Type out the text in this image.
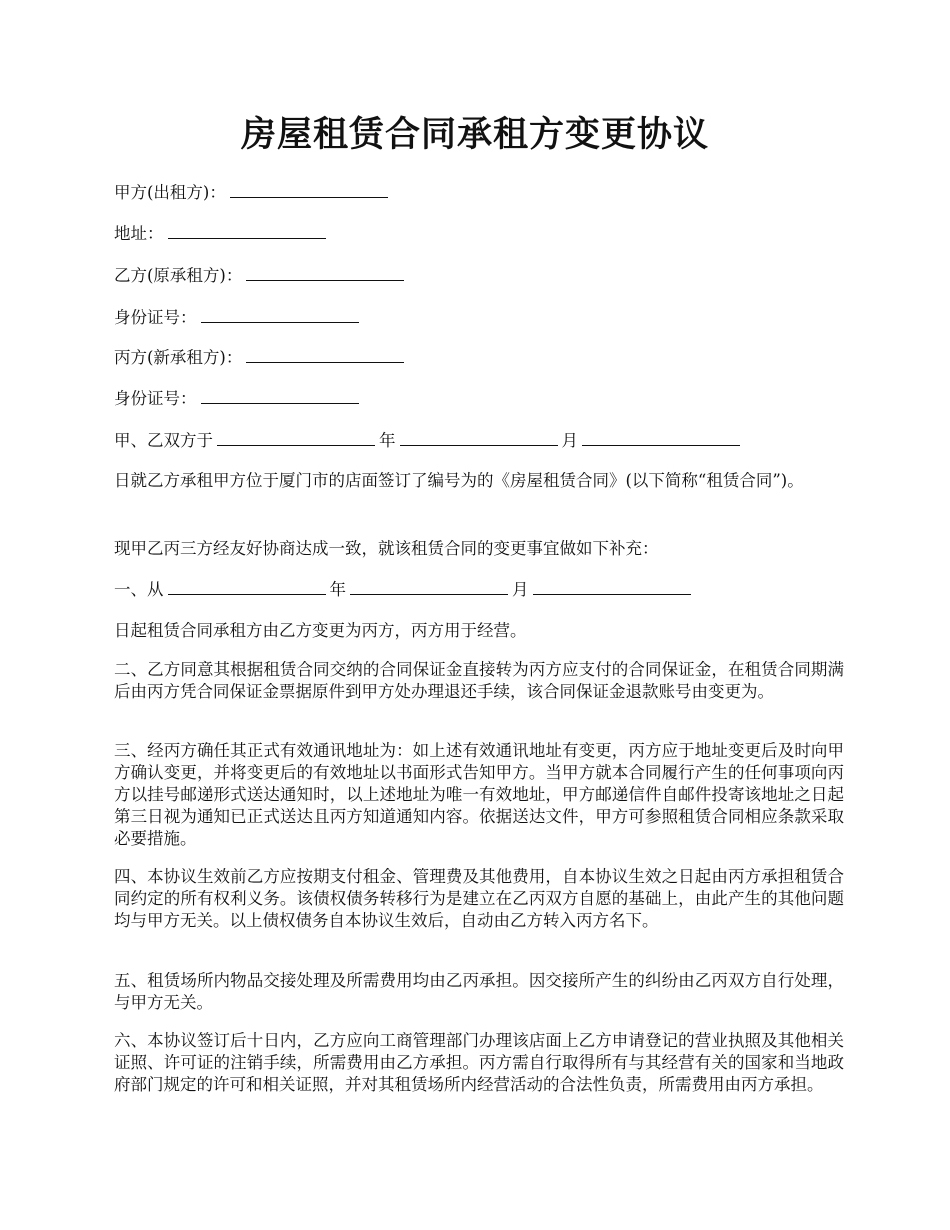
房屋租赁合同承租方变更协议
甲方(出租方)：
地址：
乙方(原承租方)：
身份证号：
丙方(新承租方)：
身份证号：
甲、乙双方于	年	月
日就乙方承租甲方位于厦门市的店面签订了编号为的《房屋租赁合同》(以下简称“租赁合同”)。
现甲乙丙三方经友好协商达成一致，就该租赁合同的变更事宜做如下补充：
一、从	年	月
日起租赁合同承租方由乙方变更为丙方，丙方用于经营。
二、乙方同意其根据租赁合同交纳的合同保证金直接转为丙方应支付的合同保证金，在租赁合同期满后由丙方凭合同保证金票据原件到甲方处办理退还手续，该合同保证金退款账号由变更为。
三、经丙方确任其正式有效通讯地址为：如上述有效通讯地址有变更，丙方应于地址变更后及时向甲方确认变更，并将变更后的有效地址以书面形式告知甲方。当甲方就本合同履行产生的任何事项向丙方以挂号邮递形式送达通知时，以上述地址为唯一有效地址，甲方邮递信件自邮件投寄该地址之日起第三日视为通知已正式送达且丙方知道通知内容。依据送达文件，甲方可参照租赁合同相应条款采取必要措施。
四、本协议生效前乙方应按期支付租金、管理费及其他费用，自本协议生效之日起由丙方承担租赁合同约定的所有权利义务。该债权债务转移行为是建立在乙丙双方自愿的基础上，由此产生的其他问题均与甲方无关。以上债权债务自本协议生效后，自动由乙方转入丙方名下。
五、租赁场所内物品交接处理及所需费用均由乙丙承担。因交接所产生的纠纷由乙丙双方自行处理，与甲方无关。
六、本协议签订后十日内，乙方应向工商管理部门办理该店面上乙方申请登记的营业执照及其他相关证照、许可证的注销手续，所需费用由乙方承担。丙方需自行取得所有与其经营有关的国家和当地政府部门规定的许可和相关证照，并对其租赁场所内经营活动的合法性负责，所需费用由丙方承担。
